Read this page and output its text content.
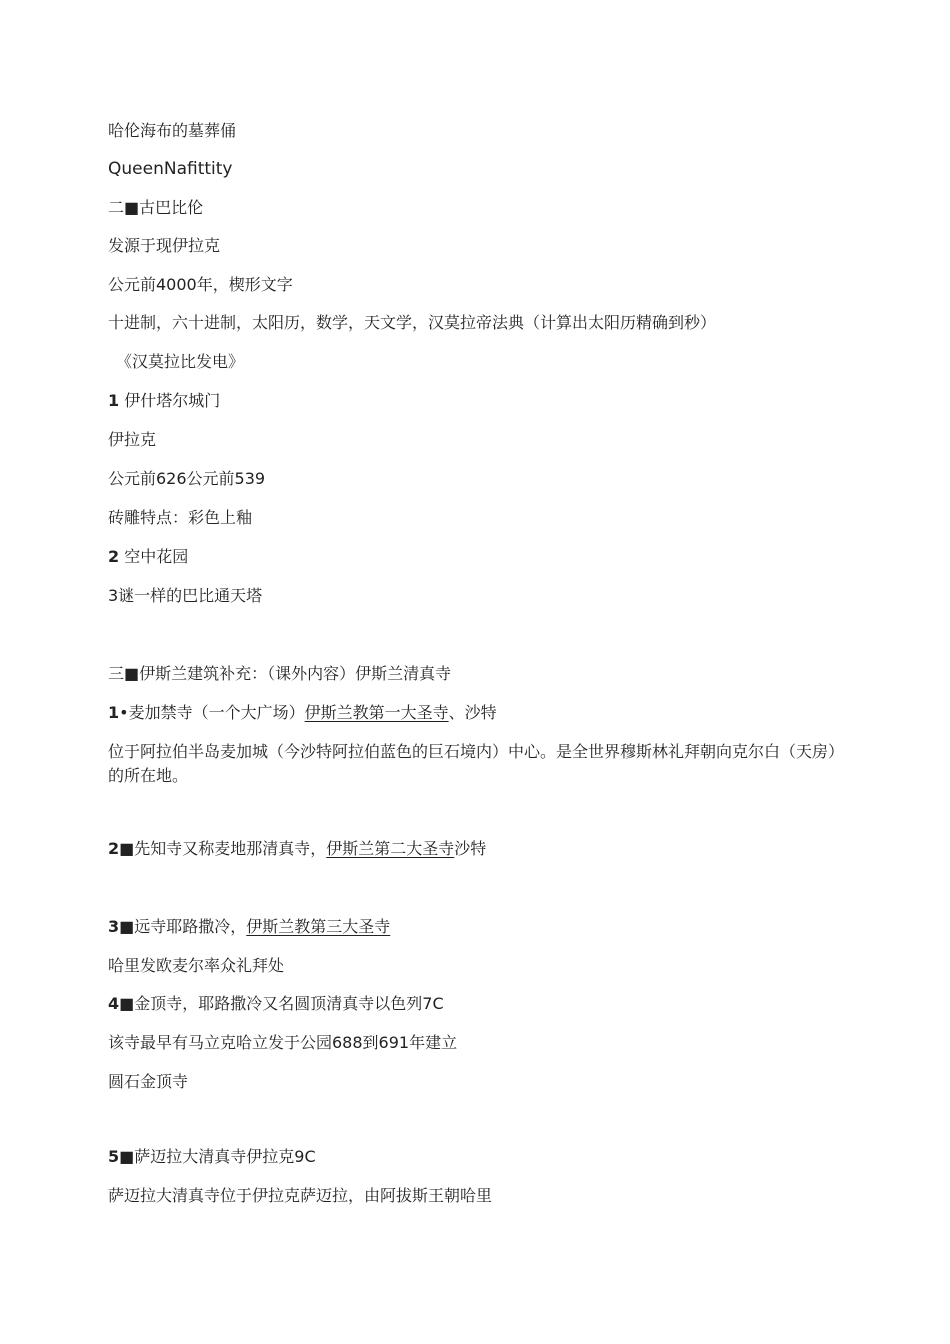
哈伦海布的墓葬俑
QueenNafittity
二■古巴比伦
发源于现伊拉克
公元前4000年，楔形文字
十进制，六十进制，太阳历，数学，天文学，汉莫拉帝法典（计算出太阳历精确到秒）
《汉莫拉比发电》
1 伊什塔尔城门
伊拉克
公元前626公元前539
砖雕特点：彩色上釉
2 空中花园
3谜一样的巴比通天塔
三■伊斯兰建筑补充：（课外内容）伊斯兰清真寺
1•麦加禁寺（一个大广场）伊斯兰教第一大圣寺、沙特
位于阿拉伯半岛麦加城（今沙特阿拉伯蓝色的巨石境内）中心。是全世界穆斯林礼拜朝向克尔白（天房）的所在地。
2■先知寺又称麦地那清真寺，伊斯兰第二大圣寺沙特
3■远寺耶路撒冷，伊斯兰教第三大圣寺
哈里发欧麦尔率众礼拜处
4■金顶寺，耶路撒冷又名圆顶清真寺以色列7C
该寺最早有马立克哈立发于公园688到691年建立
圆石金顶寺
5■萨迈拉大清真寺伊拉克9C
萨迈拉大清真寺位于伊拉克萨迈拉，由阿拔斯王朝哈里
